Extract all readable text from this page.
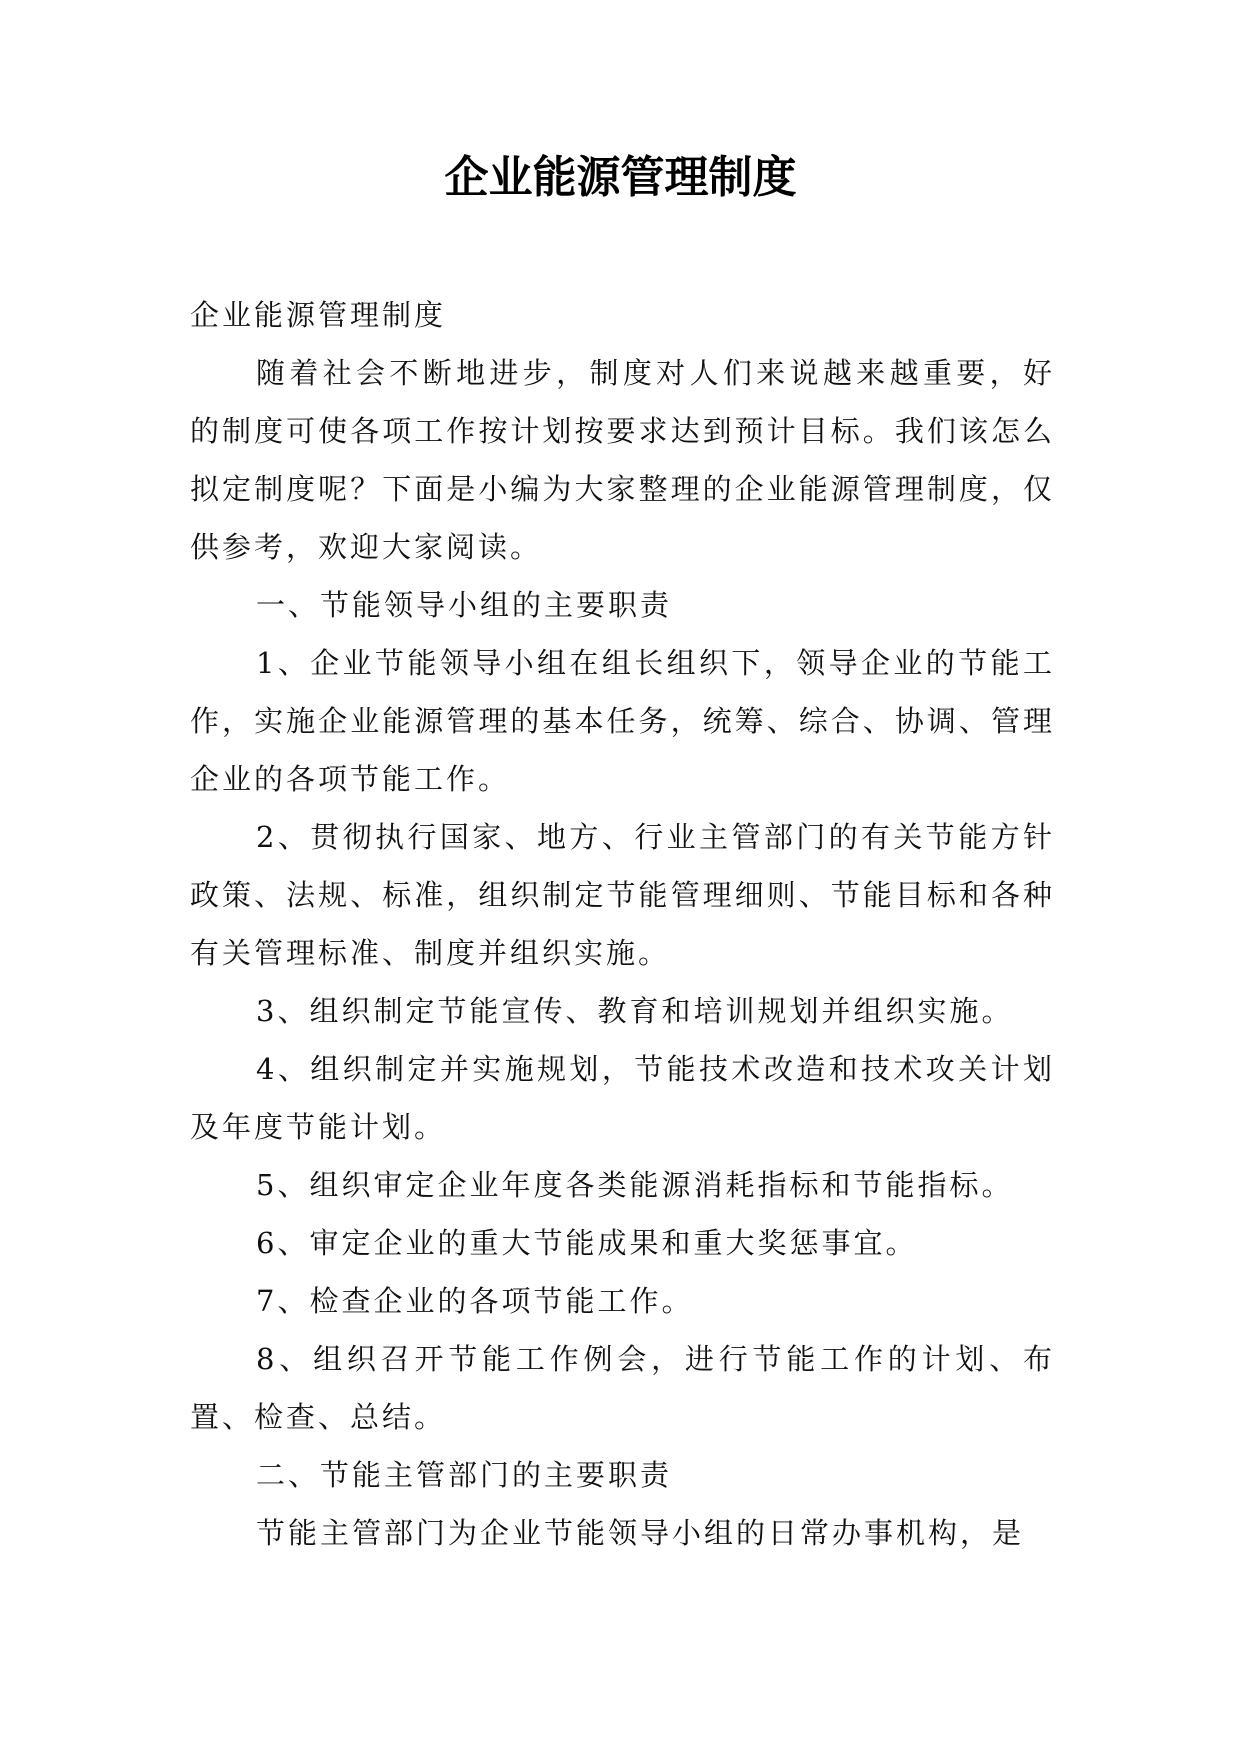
企业能源管理制度

企业能源管理制度

随着社会不断地进步，制度对人们来说越来越重要，好的制度可使各项工作按计划按要求达到预计目标。我们该怎么拟定制度呢？下面是小编为大家整理的企业能源管理制度，仅供参考，欢迎大家阅读。

一、节能领导小组的主要职责

1、企业节能领导小组在组长组织下，领导企业的节能工作，实施企业能源管理的基本任务，统筹、综合、协调、管理企业的各项节能工作。

2、贯彻执行国家、地方、行业主管部门的有关节能方针政策、法规、标准，组织制定节能管理细则、节能目标和各种有关管理标准、制度并组织实施。

3、组织制定节能宣传、教育和培训规划并组织实施。

4、组织制定并实施规划，节能技术改造和技术攻关计划及年度节能计划。

5、组织审定企业年度各类能源消耗指标和节能指标。

6、审定企业的重大节能成果和重大奖惩事宜。

7、检查企业的各项节能工作。

8、组织召开节能工作例会，进行节能工作的计划、布置、检查、总结。

二、节能主管部门的主要职责

节能主管部门为企业节能领导小组的日常办事机构，是
